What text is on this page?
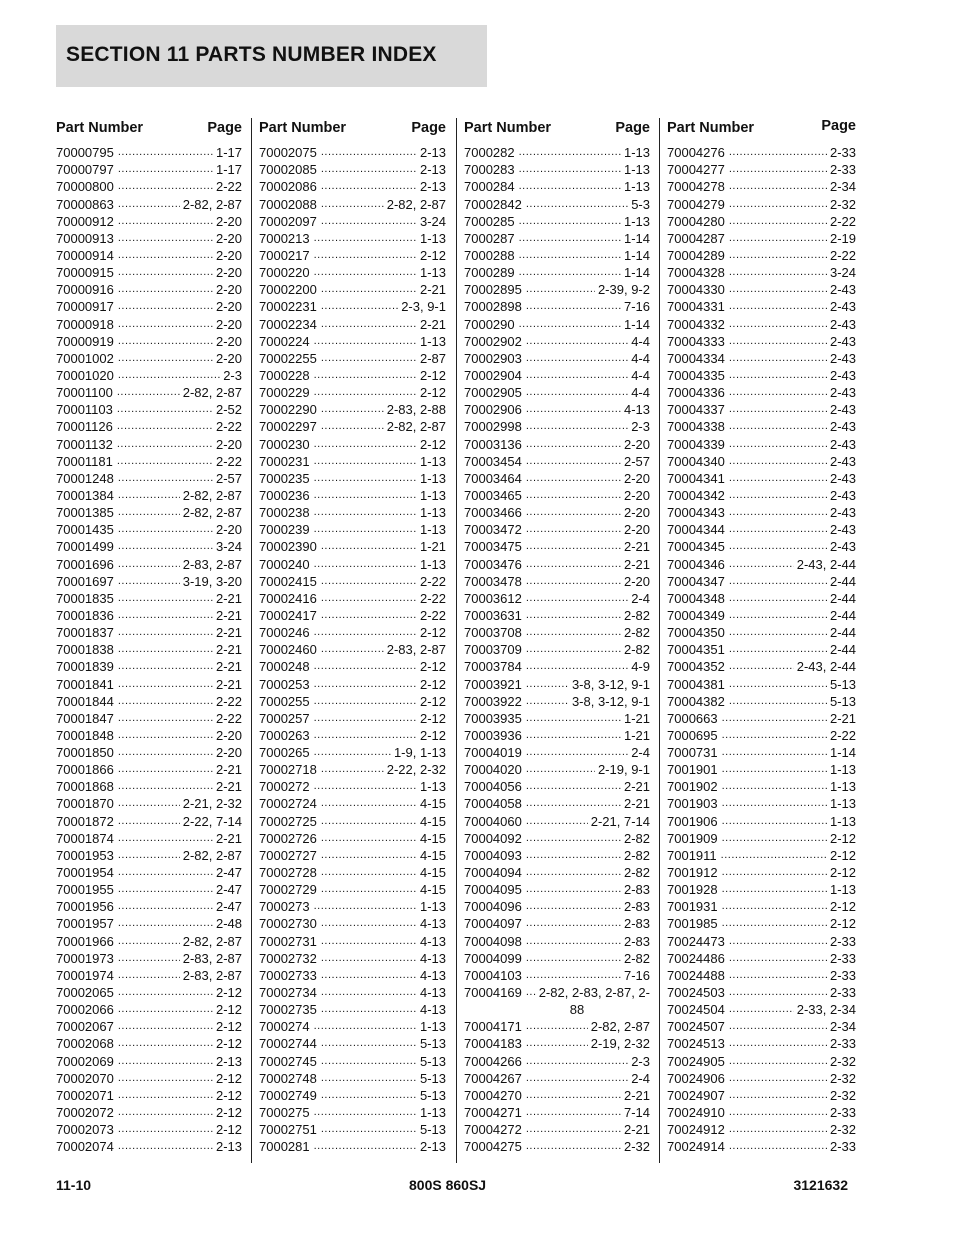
SECTION 11 PARTS NUMBER INDEX
Part Number	Page
70000795 .....	1-17
70000797 .....	1-17
70000800 .....	2-22
70000863 .....	2-82, 2-87
70000912 .....	2-20
70000913 .....	2-20
70000914 .....	2-20
70000915 .....	2-20
70000916 .....	2-20
70000917 .....	2-20
70000918 .....	2-20
70000919 .....	2-20
70001002 .....	2-20
70001020 .....	2-3
70001100 .....	2-82, 2-87
70001103 .....	2-52
70001126 .....	2-22
70001132 .....	2-20
70001181 .....	2-22
70001248 .....	2-57
70001384 .....	2-82, 2-87
70001385 .....	2-82, 2-87
70001435 .....	2-20
70001499 .....	3-24
70001696 .....	2-83, 2-87
70001697 .....	3-19, 3-20
70001835 .....	2-21
70001836 .....	2-21
70001837 .....	2-21
70001838 .....	2-21
70001839 .....	2-21
70001841 .....	2-21
70001844 .....	2-22
70001847 .....	2-22
70001848 .....	2-20
70001850 .....	2-20
70001866 .....	2-21
70001868 .....	2-21
70001870 .....	2-21, 2-32
70001872 .....	2-22, 7-14
70001874 .....	2-21
70001953 .....	2-82, 2-87
70001954 .....	2-47
70001955 .....	2-47
70001956 .....	2-47
70001957 .....	2-48
70001966 .....	2-82, 2-87
70001973 .....	2-83, 2-87
70001974 .....	2-83, 2-87
70002065 .....	2-12
70002066 .....	2-12
70002067 .....	2-12
70002068 .....	2-12
70002069 .....	2-13
70002070 .....	2-12
70002071 .....	2-12
70002072 .....	2-12
70002073 .....	2-12
70002074 .....	2-13
Part Number	Page
70002075 .....	2-13
70002085 .....	2-13
70002086 .....	2-13
70002088 .....	2-82, 2-87
70002097 .....	3-24
7000213 .....	1-13
7000217 .....	2-12
7000220 .....	1-13
70002200 .....	2-21
70002231 .....	2-3, 9-1
70002234 .....	2-21
7000224 .....	1-13
70002255 .....	2-87
7000228 .....	2-12
7000229 .....	2-12
70002290 .....	2-83, 2-88
70002297 .....	2-82, 2-87
7000230 .....	2-12
7000231 .....	1-13
7000235 .....	1-13
7000236 .....	1-13
7000238 .....	1-13
7000239 .....	1-13
70002390 .....	1-21
7000240 .....	1-13
70002415 .....	2-22
70002416 .....	2-22
70002417 .....	2-22
7000246 .....	2-12
70002460 .....	2-83, 2-87
7000248 .....	2-12
7000253 .....	2-12
7000255 .....	2-12
7000257 .....	2-12
7000263 .....	2-12
7000265 .....	1-9, 1-13
70002718 .....	2-22, 2-32
7000272 .....	1-13
70002724 .....	4-15
70002725 .....	4-15
70002726 .....	4-15
70002727 .....	4-15
70002728 .....	4-15
70002729 .....	4-15
7000273 .....	1-13
70002730 .....	4-13
70002731 .....	4-13
70002732 .....	4-13
70002733 .....	4-13
70002734 .....	4-13
70002735 .....	4-13
7000274 .....	1-13
70002744 .....	5-13
70002745 .....	5-13
70002748 .....	5-13
70002749 .....	5-13
7000275 .....	1-13
70002751 .....	5-13
7000281 .....	2-13
Part Number	Page
7000282 .....	1-13
7000283 .....	1-13
7000284 .....	1-13
70002842 .....	5-3
7000285 .....	1-13
7000287 .....	1-14
7000288 .....	1-14
7000289 .....	1-14
70002895 .....	2-39, 9-2
70002898 .....	7-16
7000290 .....	1-14
70002902 .....	4-4
70002903 .....	4-4
70002904 .....	4-4
70002905 .....	4-4
70002906 .....	4-13
70002998 .....	2-3
70003136 .....	2-20
70003454 .....	2-57
70003464 .....	2-20
70003465 .....	2-20
70003466 .....	2-20
70003472 .....	2-20
70003475 .....	2-21
70003476 .....	2-21
70003478 .....	2-20
70003612 .....	2-4
70003631 .....	2-82
70003708 .....	2-82
70003709 .....	2-82
70003784 .....	4-9
70003921 .....	3-8, 3-12, 9-1
70003922 .....	3-8, 3-12, 9-1
70003935 .....	1-21
70003936 .....	1-21
70004019 .....	2-4
70004020 .....	2-19, 9-1
70004056 .....	2-21
70004058 .....	2-21
70004060 .....	2-21, 7-14
70004092 .....	2-82
70004093 .....	2-82
70004094 .....	2-82
70004095 .....	2-83
70004096 .....	2-83
70004097 .....	2-83
70004098 .....	2-83
70004099 .....	2-82
70004103 .....	7-16
70004169 ..... 2-82, 2-83, 2-87, 2-
88
70004171 .....	2-82, 2-87
70004183 .....	2-19, 2-32
70004266 .....	2-3
70004267 .....	2-4
70004270 .....	2-21
70004271 .....	7-14
70004272 .....	2-21
70004275 .....	2-32
Part Number	Page
70004276 .....	2-33
70004277 .....	2-33
70004278 .....	2-34
70004279 .....	2-32
70004280 .....	2-22
70004287 .....	2-19
70004289 .....	2-22
70004328 .....	3-24
70004330 .....	2-43
70004331 .....	2-43
70004332 .....	2-43
70004333 .....	2-43
70004334 .....	2-43
70004335 .....	2-43
70004336 .....	2-43
70004337 .....	2-43
70004338 .....	2-43
70004339 .....	2-43
70004340 .....	2-43
70004341 .....	2-43
70004342 .....	2-43
70004343 .....	2-43
70004344 .....	2-43
70004345 .....	2-43
70004346 .....	2-43, 2-44
70004347 .....	2-44
70004348 .....	2-44
70004349 .....	2-44
70004350 .....	2-44
70004351 .....	2-44
70004352 .....	2-43, 2-44
70004381 .....	5-13
70004382 .....	5-13
7000663 .....	2-21
7000695 .....	2-22
7000731 .....	1-14
7001901 .....	1-13
7001902 .....	1-13
7001903 .....	1-13
7001906 .....	1-13
7001909 .....	2-12
7001911 .....	2-12
7001912 .....	2-12
7001928 .....	1-13
7001931 .....	2-12
7001985 .....	2-12
70024473 .....	2-33
70024486 .....	2-33
70024488 .....	2-33
70024503 .....	2-33
70024504 .....	2-33, 2-34
70024507 .....	2-34
70024513 .....	2-33
70024905 .....	2-32
70024906 .....	2-32
70024907 .....	2-32
70024910 .....	2-33
70024912 .....	2-32
70024914 .....	2-33
11-10	800S 860SJ	3121632
